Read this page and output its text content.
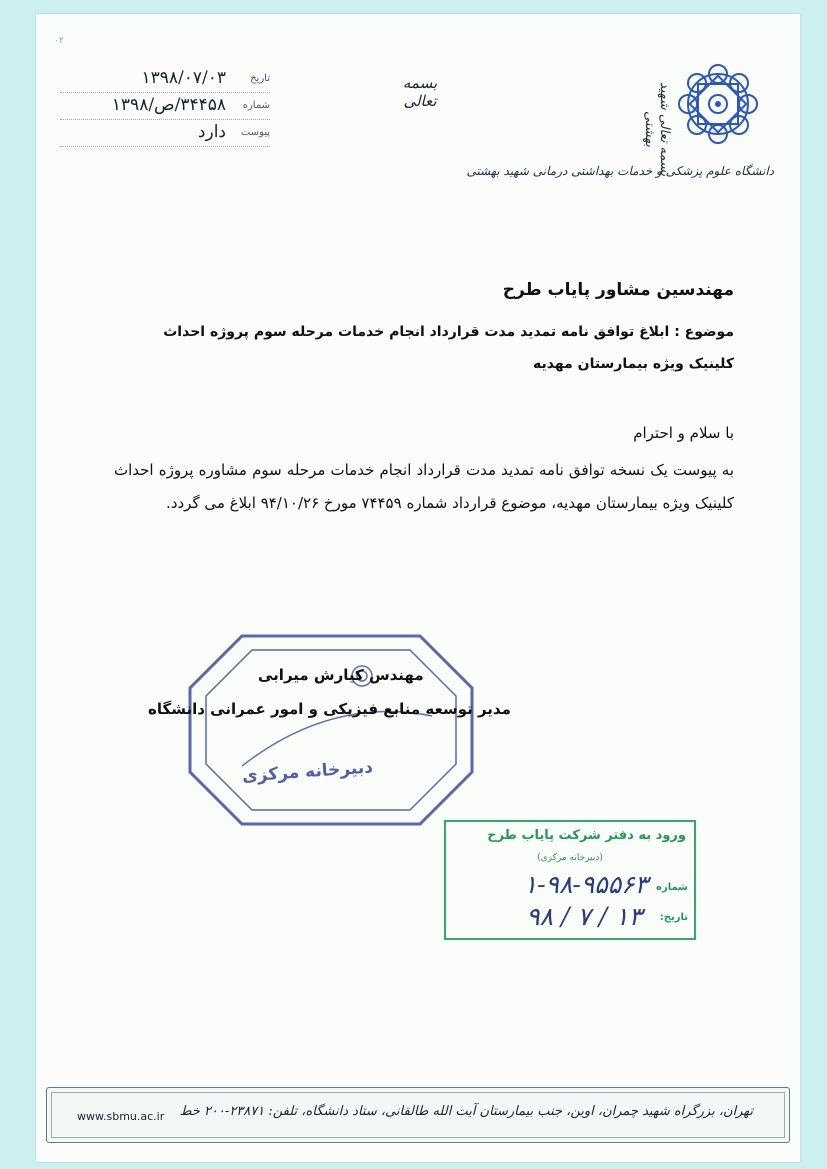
٠٢
بسمه تعالی شهید بهشتی
دانشگاه علوم پزشکی و خدمات بهداشتی درمانی شهید بهشتی
بسمه تعالی
تاریخ
۱۳۹۸/۰۷/۰۳
شماره
۳۴۴۵۸/ص/۱۳۹۸
پیوست
دارد
مهندسین مشاور پایاب طرح
موضوع : ابلاغ توافق نامه تمدید مدت قرارداد انجام خدمات مرحله سوم پروژه احداث کلینیک ویژه بیمارستان مهدیه
با سلام و احترام
به پیوست یک نسخه توافق نامه تمدید مدت قرارداد انجام خدمات مرحله سوم مشاوره پروژه احداث کلینیک ویژه بیمارستان مهدیه، موضوع قرارداد شماره ۷۴۴۵۹ مورخ ۹۴/۱۰/۲۶ ابلاغ می گردد.
مهندس کیارش میرابی
مدیر توسعه منابع فیزیکی و امور عمرانی دانشگاه
دبیرخانه مرکزی
ورود به دفتر شرکت پایاب طرح
(دبیرخانه مرکزی)
شماره
۱-۹۸-۹۵۵۶۳
تاریخ:
۹۸ / ۷ / ۱۳
www.sbmu.ac.ir تهران، بزرگراه شهید چمران، اوین، جنب بیمارستان آیت الله طالقانی، ستاد دانشگاه، تلفن: ۲۳۸۷۱-۲۰۰ خط
